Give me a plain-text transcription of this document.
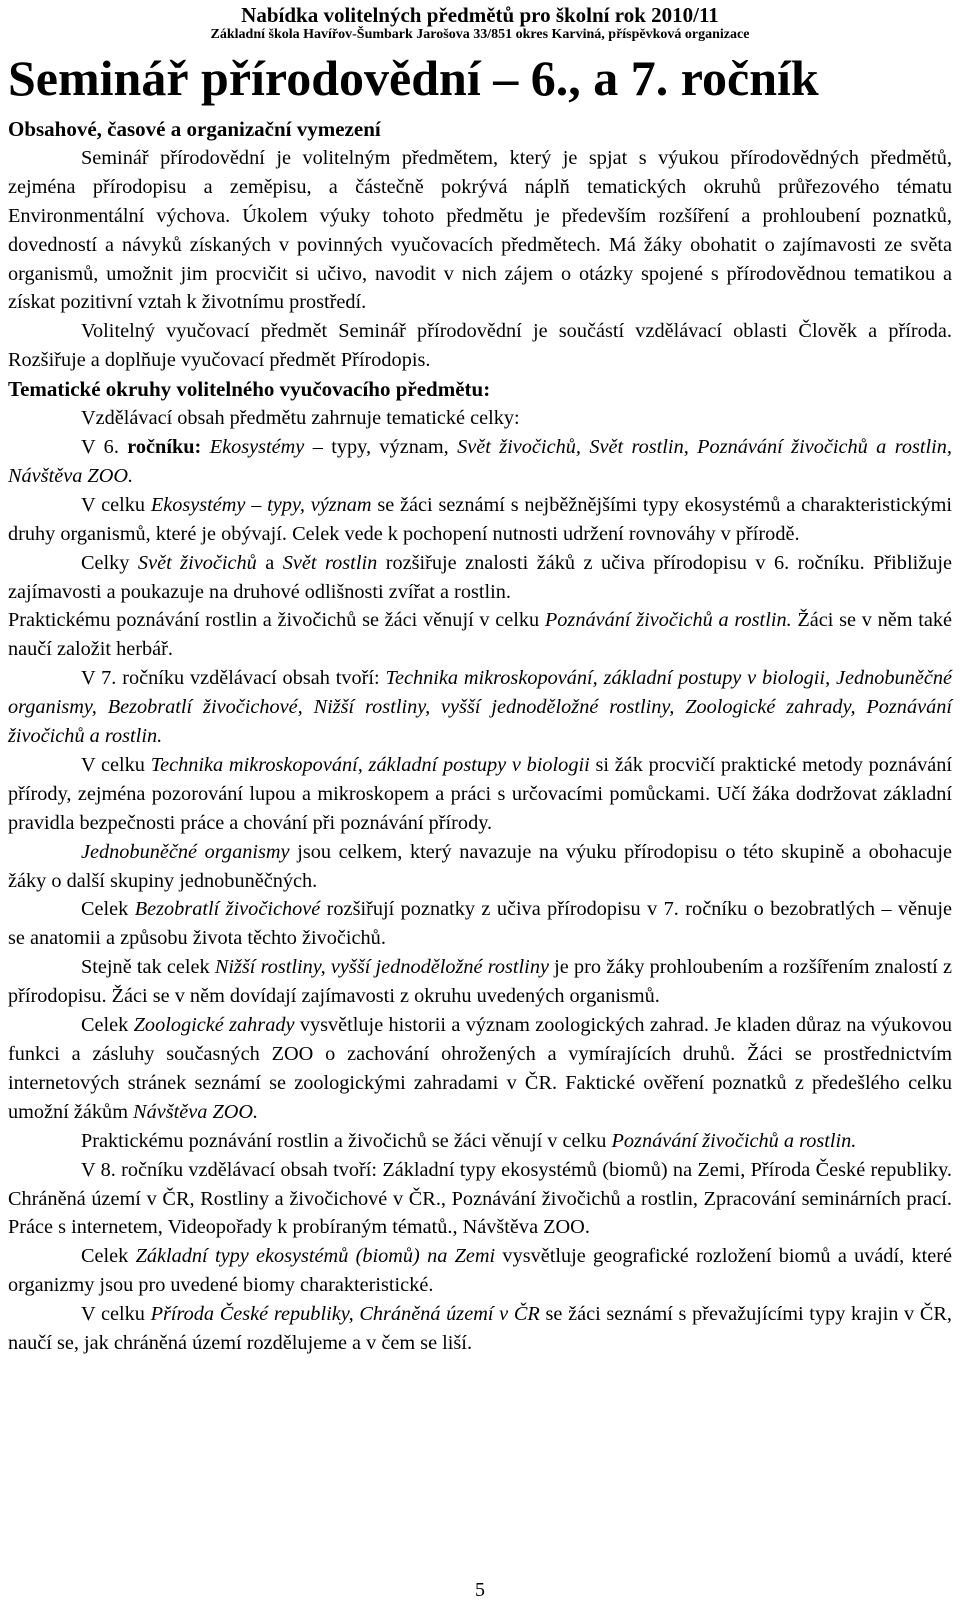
Nabídka volitelných předmětů pro školní rok 2010/11
Základní škola Havířov-Šumbark Jarošova 33/851 okres Karviná, příspěvková organizace
Seminář přírodovědní – 6., a 7. ročník

Obsahové, časové a organizační vymezení

Seminář přírodovědní je volitelným předmětem, který je spjat s výukou přírodovědných předmětů, zejména přírodopisu a zeměpisu, a částečně pokrývá náplň tematických okruhů průřezového tématu Environmentální výchova. Úkolem výuky tohoto předmětu je především rozšíření a prohloubení poznatků, dovedností a návyků získaných v povinných vyučovacích předmětech. Má žáky obohatit o zajímavosti ze světa organismů, umožnit jim procvičit si učivo, navodit v nich zájem o otázky spojené s přírodovědnou tematikou a získat pozitivní vztah k životnímu prostředí.

Volitelný vyučovací předmět Seminář přírodovědní je součástí vzdělávací oblasti Člověk a příroda. Rozšiřuje a doplňuje vyučovací předmět Přírodopis.

Tematické okruhy volitelného vyučovacího předmětu:

Vzdělávací obsah předmětu zahrnuje tematické celky:

V 6. ročníku: Ekosystémy – typy, význam, Svět živočichů, Svět rostlin, Poznávání živočichů a rostlin, Návštěva ZOO.

V celku Ekosystémy – typy, význam se žáci seznámí s nejběžnějšími typy ekosystémů a charakteristickými druhy organismů, které je obývají. Celek vede k pochopení nutnosti udržení rovnováhy v přírodě.

Celky Svět živočichů a Svět rostlin rozšiřuje znalosti žáků z učiva přírodopisu v 6. ročníku. Přibližuje zajímavosti a poukazuje na druhové odlišnosti zvířat a rostlin.

Praktickému poznávání rostlin a živočichů se žáci věnují v celku Poznávání živočichů a rostlin. Žáci se v něm také naučí založit herbář.

V 7. ročníku vzdělávací obsah tvoří: Technika mikroskopování, základní postupy v biologii, Jednobuněčné organismy, Bezobratlí živočichové, Nižší rostliny, vyšší jednoděložné rostliny, Zoologické zahrady, Poznávání živočichů a rostlin.

V celku Technika mikroskopování, základní postupy v biologii si žák procvičí praktické metody poznávání přírody, zejména pozorování lupou a mikroskopem a práci s určovacími pomůckami. Učí žáka dodržovat základní pravidla bezpečnosti práce a chování při poznávání přírody.

Jednobuněčné organismy jsou celkem, který navazuje na výuku přírodopisu o této skupině a obohacuje žáky o další skupiny jednobuněčných.

Celek Bezobratlí živočichové rozšiřují poznatky z učiva přírodopisu v 7. ročníku o bezobratlých – věnuje se anatomii a způsobu života těchto živočichů.

Stejně tak celek Nižší rostliny, vyšší jednoděložné rostliny je pro žáky prohloubením a rozšířením znalostí z přírodopisu. Žáci se v něm dovídají zajímavosti z okruhu uvedených organismů.

Celek Zoologické zahrady vysvětluje historii a význam zoologických zahrad. Je kladen důraz na výukovou funkci a zásluhy současných ZOO o zachování ohrožených a vymírajících druhů. Žáci se prostřednictvím internetových stránek seznámí se zoologickými zahradami v ČR. Faktické ověření poznatků z předešlého celku umožní žákům Návštěva ZOO.

Praktickému poznávání rostlin a živočichů se žáci věnují v celku Poznávání živočichů a rostlin.

V 8. ročníku vzdělávací obsah tvoří: Základní typy ekosystémů (biomů) na Zemi, Příroda České republiky. Chráněná území v ČR, Rostliny a živočichové v ČR., Poznávání živočichů a rostlin, Zpracování seminárních prací. Práce s internetem, Videopořady k probíraným tématů., Návštěva ZOO.

Celek Základní typy ekosystémů (biomů) na Zemi vysvětluje geografické rozložení biomů a uvádí, které organizmy jsou pro uvedené biomy charakteristické.

V celku Příroda České republiky, Chráněná území v ČR se žáci seznámí s převažujícími typy krajin v ČR, naučí se, jak chráněná území rozdělujeme a v čem se liší.

5
